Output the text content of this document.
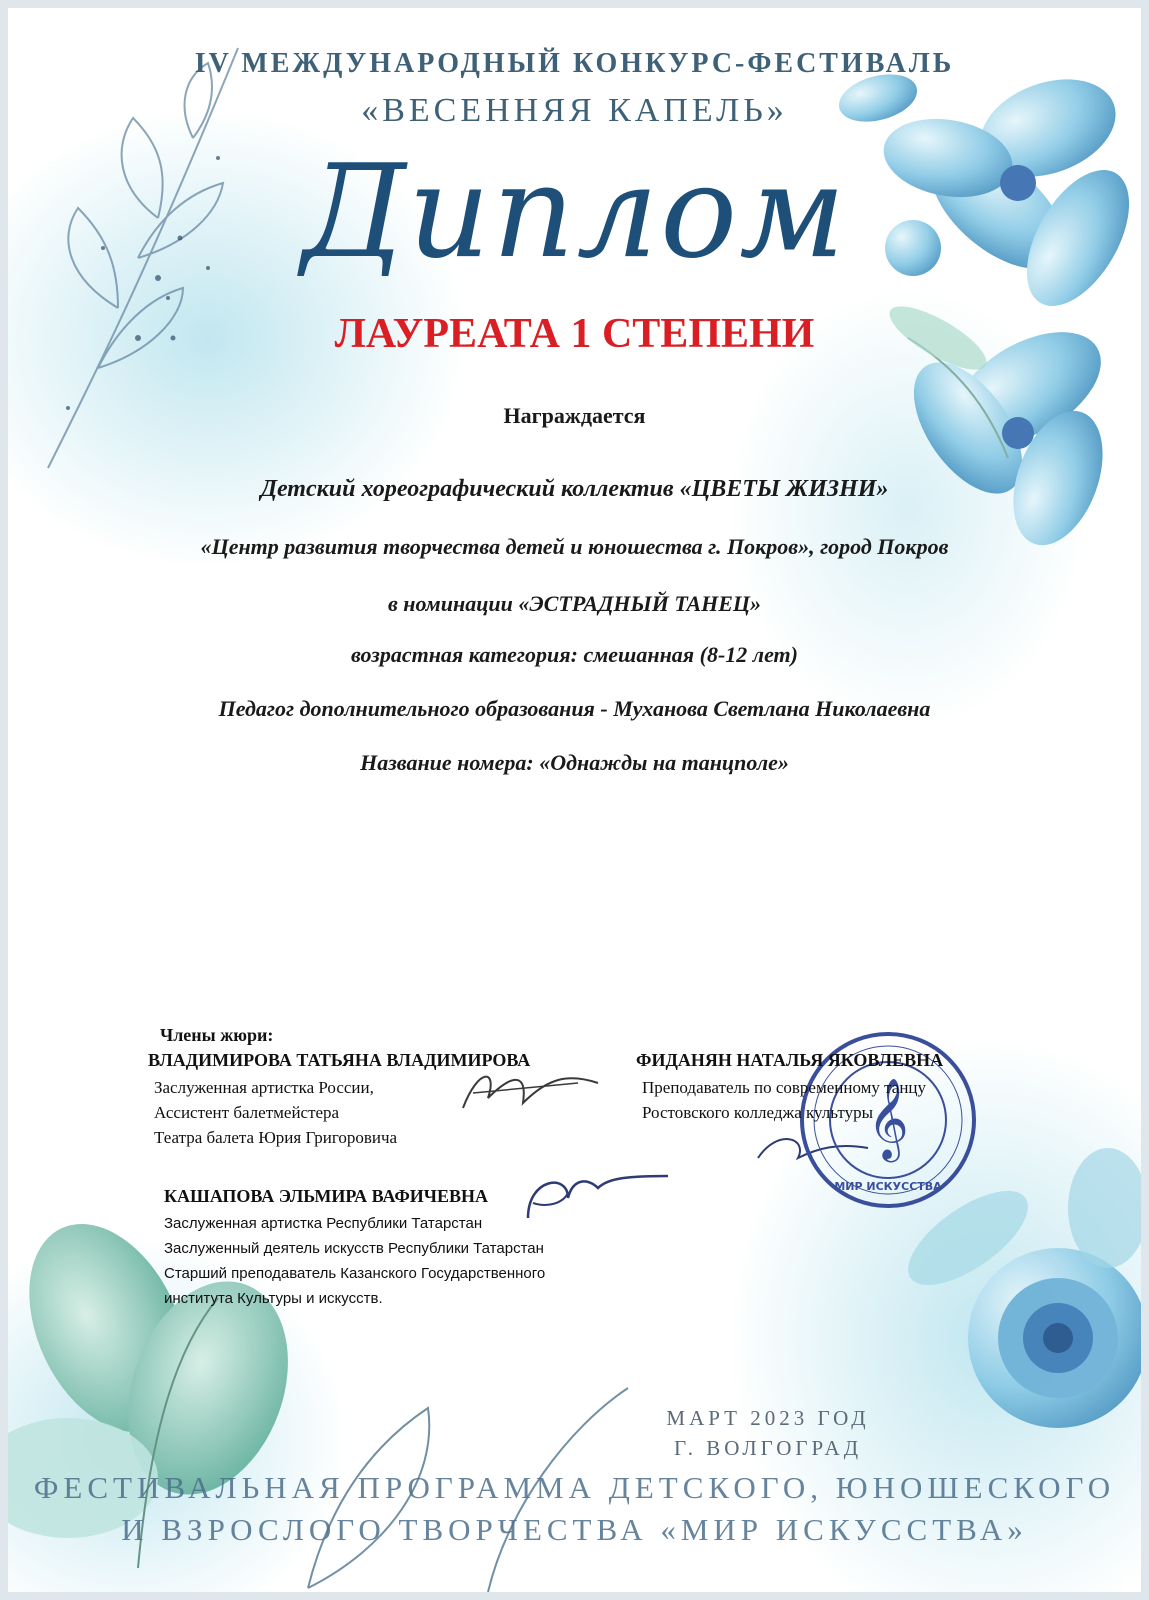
𝄞
МИР ИСКУССТВА
IV МЕЖДУНАРОДНЫЙ КОНКУРС-ФЕСТИВАЛЬ
«ВЕСЕННЯЯ КАПЕЛЬ»
Диплом
ЛАУРЕАТА 1 СТЕПЕНИ
Награждается
Детский хореографический коллектив «ЦВЕТЫ ЖИЗНИ»
«Центр развития творчества детей и юношества г. Покров», город Покров
в номинации «ЭСТРАДНЫЙ ТАНЕЦ»
возрастная категория: смешанная (8-12 лет)
Педагог дополнительного образования - Муханова Светлана Николаевна
Название номера: «Однажды на танцполе»
Члены жюри:
ВЛАДИМИРОВА ТАТЬЯНА ВЛАДИМИРОВА
Заслуженная артистка России,
Ассистент балетмейстера
Театра балета Юрия Григоровича
ФИДАНЯН НАТАЛЬЯ ЯКОВЛЕВНА
Преподаватель по современному танцу
Ростовского колледжа культуры
КАШАПОВА ЭЛЬМИРА ВАФИЧЕВНА
Заслуженная артистка Республики Татарстан
Заслуженный деятель искусств Республики Татарстан
Старший преподаватель Казанского Государственного
института Культуры и искусств.
МАРТ 2023 ГОД
Г. ВОЛГОГРАД
ФЕСТИВАЛЬНАЯ ПРОГРАММА ДЕТСКОГО, ЮНОШЕСКОГО
И ВЗРОСЛОГО ТВОРЧЕСТВА «МИР ИСКУССТВА»
